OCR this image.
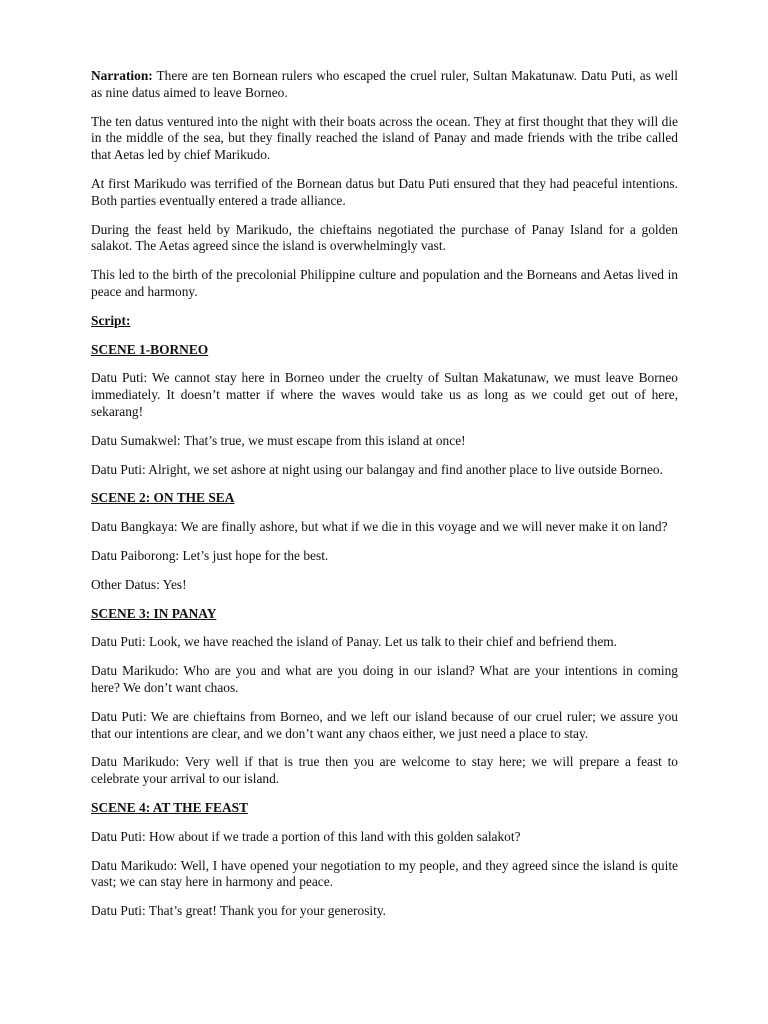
Narration: There are ten Bornean rulers who escaped the cruel ruler, Sultan Makatunaw. Datu Puti, as well as nine datus aimed to leave Borneo.

The ten datus ventured into the night with their boats across the ocean. They at first thought that they will die in the middle of the sea, but they finally reached the island of Panay and made friends with the tribe called that Aetas led by chief Marikudo.

At first Marikudo was terrified of the Bornean datus but Datu Puti ensured that they had peaceful intentions. Both parties eventually entered a trade alliance.

During the feast held by Marikudo, the chieftains negotiated the purchase of Panay Island for a golden salakot. The Aetas agreed since the island is overwhelmingly vast.

This led to the birth of the precolonial Philippine culture and population and the Borneans and Aetas lived in peace and harmony.

Script:

SCENE 1-BORNEO

Datu Puti: We cannot stay here in Borneo under the cruelty of Sultan Makatunaw, we must leave Borneo immediately. It doesn’t matter if where the waves would take us as long as we could get out of here, sekarang!

Datu Sumakwel: That’s true, we must escape from this island at once!

Datu Puti: Alright, we set ashore at night using our balangay and find another place to live outside Borneo.

SCENE 2: ON THE SEA

Datu Bangkaya: We are finally ashore, but what if we die in this voyage and we will never make it on land?

Datu Paiborong: Let’s just hope for the best.

Other Datus: Yes!

SCENE 3: IN PANAY

Datu Puti: Look, we have reached the island of Panay. Let us talk to their chief and befriend them.

Datu Marikudo: Who are you and what are you doing in our island? What are your intentions in coming here? We don’t want chaos.

Datu Puti: We are chieftains from Borneo, and we left our island because of our cruel ruler; we assure you that our intentions are clear, and we don’t want any chaos either, we just need a place to stay.

Datu Marikudo: Very well if that is true then you are welcome to stay here; we will prepare a feast to celebrate your arrival to our island.

SCENE 4: AT THE FEAST

Datu Puti: How about if we trade a portion of this land with this golden salakot?

Datu Marikudo: Well, I have opened your negotiation to my people, and they agreed since the island is quite vast; we can stay here in harmony and peace.

Datu Puti: That’s great! Thank you for your generosity.
